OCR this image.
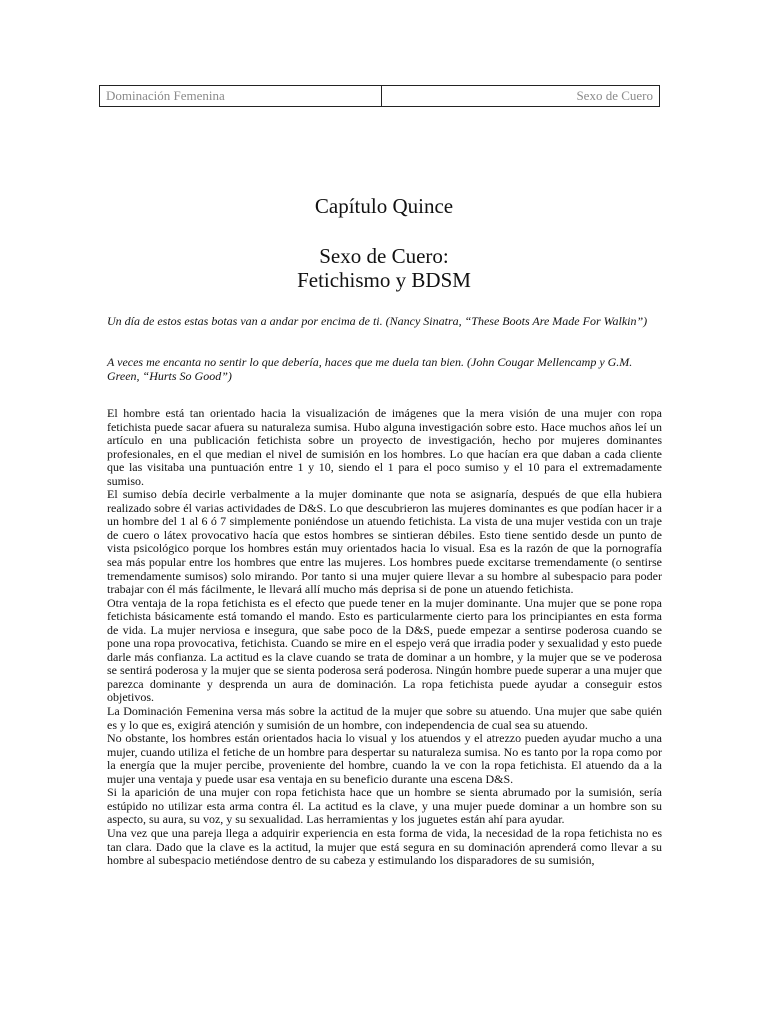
Dominación Femenina	Sexo de Cuero
Capítulo Quince
Sexo de Cuero:
Fetichismo y BDSM

Un día de estos estas botas van a andar por encima de ti. (Nancy Sinatra, “These Boots Are Made For Walkin”)

A veces me encanta no sentir lo que debería, haces que me duela tan bien. (John Cougar Mellencamp y G.M. Green, “Hurts So Good”)

El hombre está tan orientado hacia la visualización de imágenes que la mera visión de una mujer con ropa fetichista puede sacar afuera su naturaleza sumisa. Hubo alguna investigación sobre esto. Hace muchos años leí un artículo en una publicación fetichista sobre un proyecto de investigación, hecho por mujeres dominantes profesionales, en el que median el nivel de sumisión en los hombres. Lo que hacían era que daban a cada cliente que las visitaba una puntuación entre 1 y 10, siendo el 1 para el poco sumiso y el 10 para el extremadamente sumiso.

El sumiso debía decirle verbalmente a la mujer dominante que nota se asignaría, después de que ella hubiera realizado sobre él varias actividades de D&S. Lo que descubrieron las mujeres dominantes es que podían hacer ir a un hombre del 1 al 6 ó 7 simplemente poniéndose un atuendo fetichista. La vista de una mujer vestida con un traje de cuero o látex provocativo hacía que estos hombres se sintieran débiles. Esto tiene sentido desde un punto de vista psicológico porque los hombres están muy orientados hacia lo visual. Esa es la razón de que la pornografía sea más popular entre los hombres que entre las mujeres. Los hombres puede excitarse tremendamente (o sentirse tremendamente sumisos) solo mirando. Por tanto si una mujer quiere llevar a su hombre al subespacio para poder trabajar con él más fácilmente, le llevará allí mucho más deprisa si de pone un atuendo fetichista.

Otra ventaja de la ropa fetichista es el efecto que puede tener en la mujer dominante. Una mujer que se pone ropa fetichista básicamente está tomando el mando. Esto es particularmente cierto para los principiantes en esta forma de vida. La mujer nerviosa e insegura, que sabe poco de la D&S, puede empezar a sentirse poderosa cuando se pone una ropa provocativa, fetichista. Cuando se mire en el espejo verá que irradia poder y sexualidad y esto puede darle más confianza. La actitud es la clave cuando se trata de dominar a un hombre, y la mujer que se ve poderosa se sentirá poderosa y la mujer que se sienta poderosa será poderosa. Ningún hombre puede superar a una mujer que parezca dominante y desprenda un aura de dominación. La ropa fetichista puede ayudar a conseguir estos objetivos.

La Dominación Femenina versa más sobre la actitud de la mujer que sobre su atuendo. Una mujer que sabe quién es y lo que es, exigirá atención y sumisión de un hombre, con independencia de cual sea su atuendo.

No obstante, los hombres están orientados hacia lo visual y los atuendos y el atrezzo pueden ayudar mucho a una mujer, cuando utiliza el fetiche de un hombre para despertar su naturaleza sumisa. No es tanto por la ropa como por la energía que la mujer percibe, proveniente del hombre, cuando la ve con la ropa fetichista. El atuendo da a la mujer una ventaja y puede usar esa ventaja en su beneficio durante una escena D&S.

Si la aparición de una mujer con ropa fetichista hace que un hombre se sienta abrumado por la sumisión, sería estúpido no utilizar esta arma contra él. La actitud es la clave, y una mujer puede dominar a un hombre son su aspecto, su aura, su voz, y su sexualidad. Las herramientas y los juguetes están ahí para ayudar.

Una vez que una pareja llega a adquirir experiencia en esta forma de vida, la necesidad de la ropa fetichista no es tan clara. Dado que la clave es la actitud, la mujer que está segura en su dominación aprenderá como llevar a su hombre al subespacio metiéndose dentro de su cabeza y estimulando los disparadores de su sumisión,
